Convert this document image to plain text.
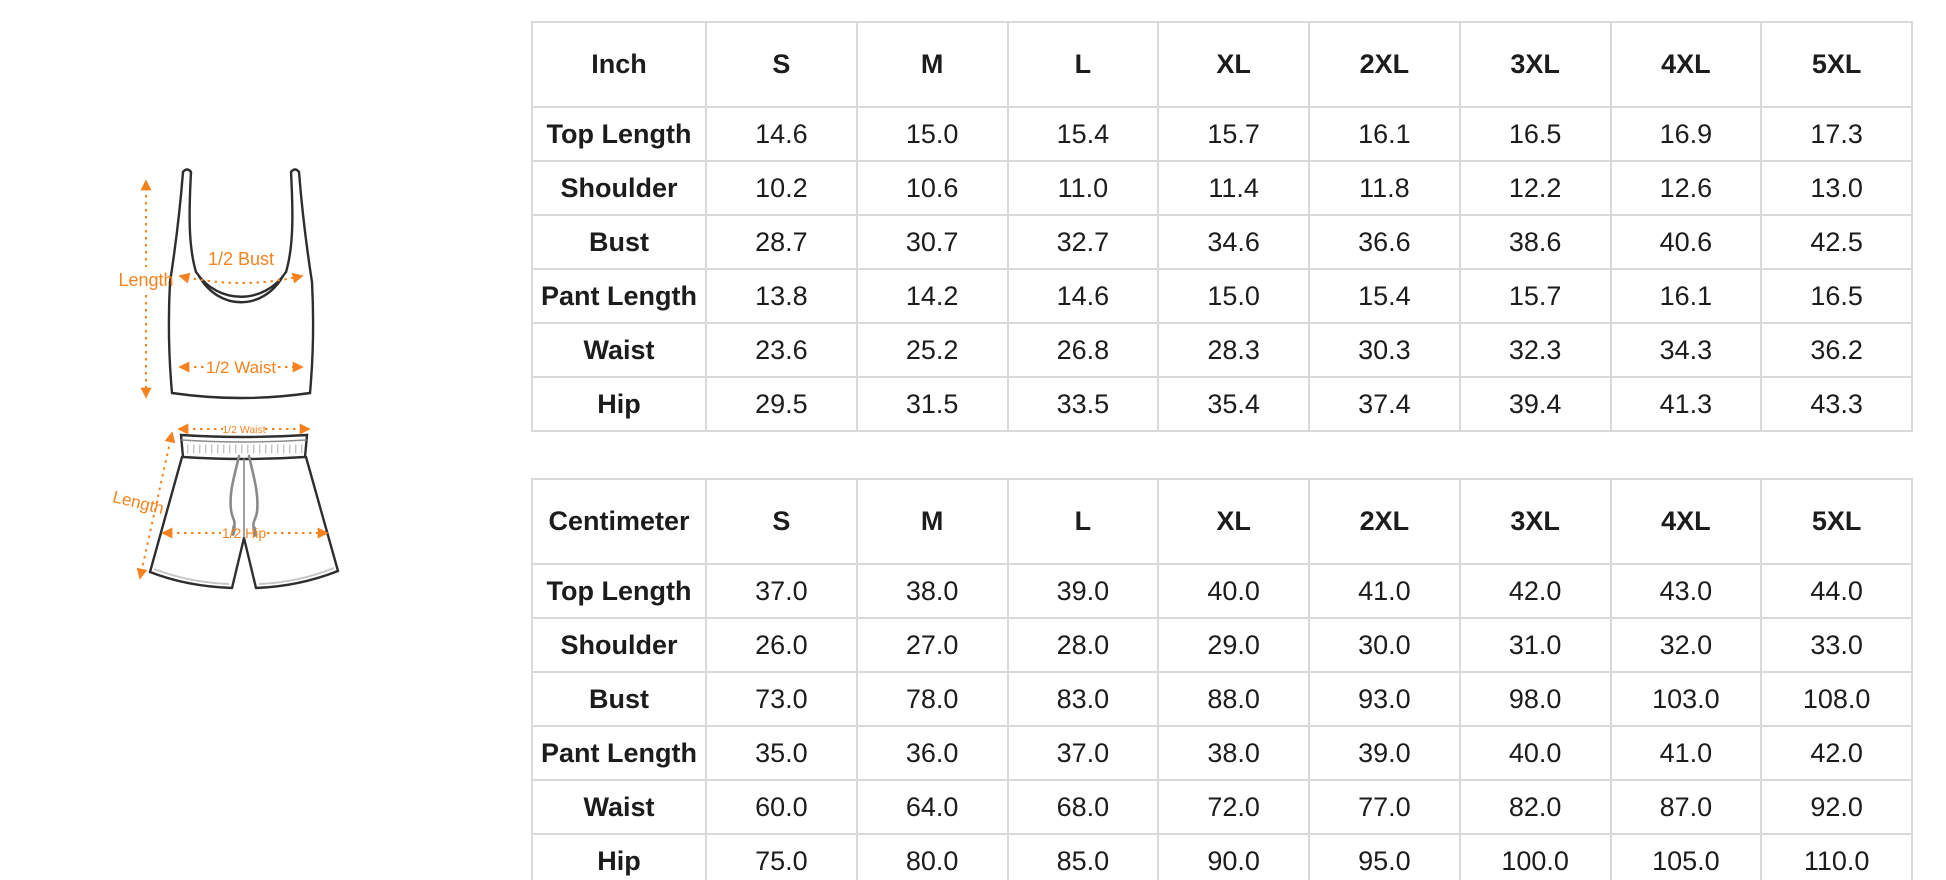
Length
1/2 Bust
1/2 Waist
1/2 Waist
Length
1/2 Hip
Inch	S	M	L	XL	2XL	3XL	4XL	5XL
Top Length	14.6	15.0	15.4	15.7	16.1	16.5	16.9	17.3
Shoulder	10.2	10.6	11.0	11.4	11.8	12.2	12.6	13.0
Bust	28.7	30.7	32.7	34.6	36.6	38.6	40.6	42.5
Pant Length	13.8	14.2	14.6	15.0	15.4	15.7	16.1	16.5
Waist	23.6	25.2	26.8	28.3	30.3	32.3	34.3	36.2
Hip	29.5	31.5	33.5	35.4	37.4	39.4	41.3	43.3
Centimeter	S	M	L	XL	2XL	3XL	4XL	5XL
Top Length	37.0	38.0	39.0	40.0	41.0	42.0	43.0	44.0
Shoulder	26.0	27.0	28.0	29.0	30.0	31.0	32.0	33.0
Bust	73.0	78.0	83.0	88.0	93.0	98.0	103.0	108.0
Pant Length	35.0	36.0	37.0	38.0	39.0	40.0	41.0	42.0
Waist	60.0	64.0	68.0	72.0	77.0	82.0	87.0	92.0
Hip	75.0	80.0	85.0	90.0	95.0	100.0	105.0	110.0
